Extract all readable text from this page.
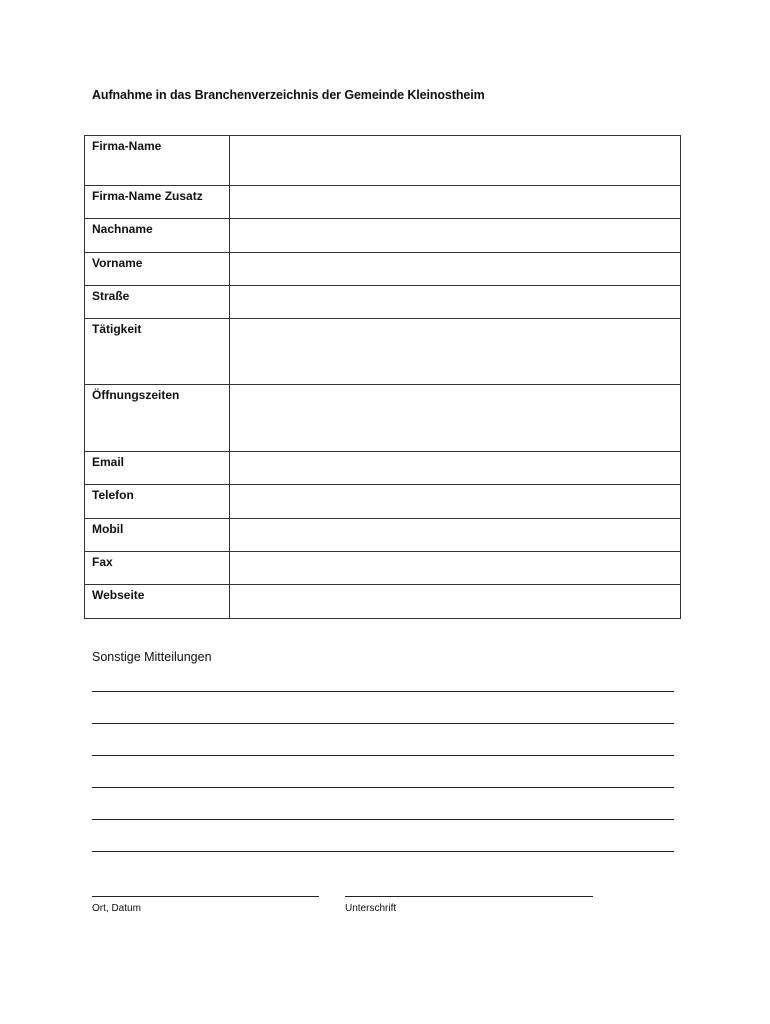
Aufnahme in das Branchenverzeichnis der Gemeinde Kleinostheim
Firma-Name	
Firma-Name Zusatz	
Nachname	
Vorname	
Straße	
Tätigkeit	
Öffnungszeiten	
Email	
Telefon	
Mobil	
Fax	
Webseite	
Sonstige Mitteilungen
Ort, Datum	Unterschrift
